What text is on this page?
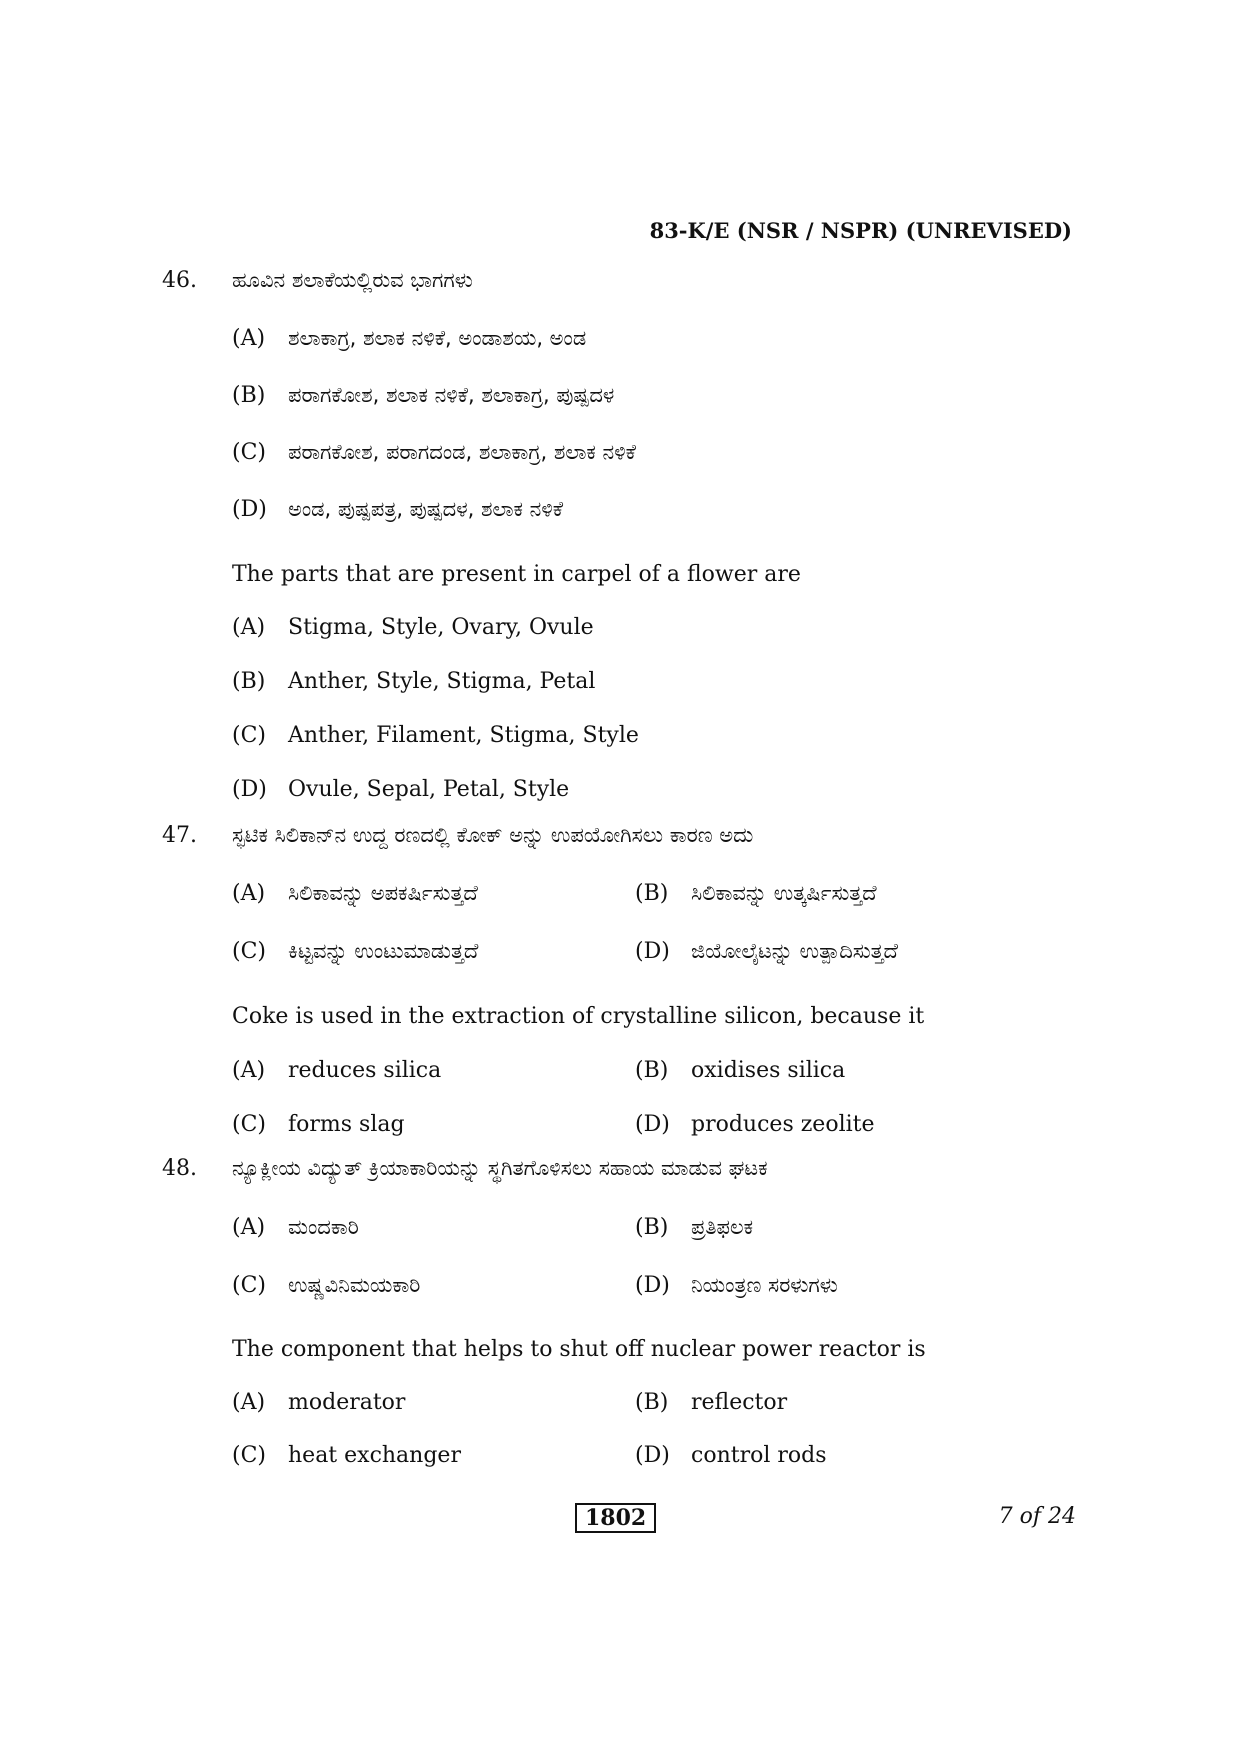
83-K/E (NSR / NSPR) (UNREVISED)
46. ಹೂವಿನ ಶಲಾಕೆಯಲ್ಲಿರುವ ಭಾಗಗಳು
(A) ಶಲಾಕಾಗ್ರ, ಶಲಾಕ ನಳಿಕೆ, ಅಂಡಾಶಯ, ಅಂಡ
(B) ಪರಾಗಕೋಶ, ಶಲಾಕ ನಳಿಕೆ, ಶಲಾಕಾಗ್ರ, ಪುಷ್ಪದಳ
(C) ಪರಾಗಕೋಶ, ಪರಾಗದಂಡ, ಶಲಾಕಾಗ್ರ, ಶಲಾಕ ನಳಿಕೆ
(D) ಅಂಡ, ಪುಷ್ಪಪತ್ರ, ಪುಷ್ಪದಳ, ಶಲಾಕ ನಳಿಕೆ
The parts that are present in carpel of a flower are
(A) Stigma, Style, Ovary, Ovule
(B) Anther, Style, Stigma, Petal
(C) Anther, Filament, Stigma, Style
(D) Ovule, Sepal, Petal, Style
47. ಸ್ಫಟಿಕ ಸಿಲಿಕಾನ್‌ನ ಉದ್ದ ರಣದಲ್ಲಿ ಕೋಕ್ ಅನ್ನು ಉಪಯೋಗಿಸಲು ಕಾರಣ ಅದು
(A) ಸಿಲಿಕಾವನ್ನು ಅಪಕರ್ಷಿಸುತ್ತದೆ	(B) ಸಿಲಿಕಾವನ್ನು ಉತ್ಕರ್ಷಿಸುತ್ತದೆ
(C) ಕಿಟ್ಟವನ್ನು ಉಂಟುಮಾಡುತ್ತದೆ	(D) ಜಿಯೋಲೈಟನ್ನು ಉತ್ಪಾದಿಸುತ್ತದೆ
Coke is used in the extraction of crystalline silicon, because it
(A) reduces silica	(B) oxidises silica
(C) forms slag	(D) produces zeolite
48. ನ್ಯೂಕ್ಲೀಯ ವಿದ್ಯುತ್ ಕ್ರಿಯಾಕಾರಿಯನ್ನು ಸ್ಥಗಿತಗೊಳಿಸಲು ಸಹಾಯ ಮಾಡುವ ಘಟಕ
(A) ಮಂದಕಾರಿ	(B) ಪ್ರತಿಫಲಕ
(C) ಉಷ್ಣವಿನಿಮಯಕಾರಿ	(D) ನಿಯಂತ್ರಣ ಸರಳುಗಳು
The component that helps to shut off nuclear power reactor is
(A) moderator	(B) reflector
(C) heat exchanger	(D) control rods
1802	7 of 24
